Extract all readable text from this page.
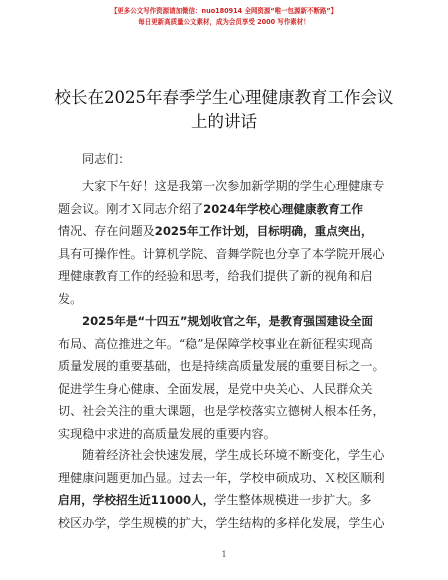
【更多公文写作资源请加微信：nuo180914 全网资源“唯一包源新不断路”】
每日更新高质量公文素材，成为会员享受 2000 写作素材！
校长在2025年春季学生心理健康教育工作会议
上的讲话
同志们：
大家下午好！这是我第一次参加新学期的学生心理健康专
题会议。刚才Ｘ同志介绍了2024年学校心理健康教育工作
情况、存在问题及2025年工作计划，目标明确，重点突出，
具有可操作性。计算机学院、音舞学院也分享了本学院开展心
理健康教育工作的经验和思考，给我们提供了新的视角和启
发。
2025年是“十四五”规划收官之年，是教育强国建设全面
布局、高位推进之年。“稳”是保障学校事业在新征程实现高
质量发展的重要基础，也是持续高质量发展的重要目标之一。
促进学生身心健康、全面发展，是党中央关心、人民群众关
切、社会关注的重大课题，也是学校落实立德树人根本任务，
实现稳中求进的高质量发展的重要内容。
随着经济社会快速发展，学生成长环境不断变化，学生心
理健康问题更加凸显。过去一年，学校申硕成功、Ｘ校区顺利
启用，学校招生近11000人，学生整体规模进一步扩大。多
校区办学，学生规模的扩大，学生结构的多样化发展，学生心
1
